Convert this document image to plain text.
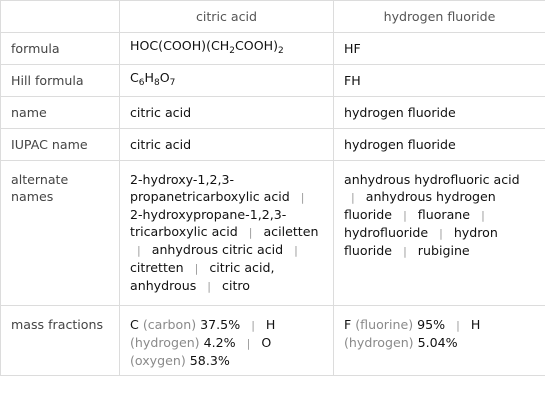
	citric acid	hydrogen fluoride
formula	$HOC(COOH)(CH_2COOH)_2$	HF
Hill formula	$C_6H_8O_7$	FH
name	citric acid	hydrogen fluoride
IUPAC name	citric acid	hydrogen fluoride
alternate names	2-hydroxy-1,2,3-propanetricarboxylic acid | 2-hydroxypropane-1,2,3-tricarboxylic acid | aciletten | anhydrous citric acid | citretten | citric acid, anhydrous | citro	anhydrous hydrofluoric acid | anhydrous hydrogen fluoride | fluorane | hydrofluoride | hydron fluoride | rubigine
mass fractions	C (carbon) 37.5% | H (hydrogen) 4.2% | O (oxygen) 58.3%	F (fluorine) 95% | H (hydrogen) 5.04%
